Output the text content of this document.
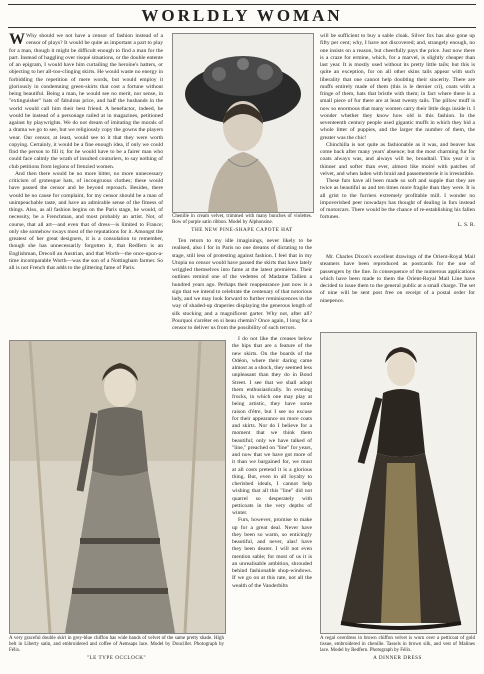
WORLDLY WOMAN

W Why should we not have a censor of fashion instead of a censor of plays? It would be quite as important a part to play for a man, though it might be difficult enough to find a man for the part. Instead of haggling over risqué situations, or the double entente of an epigram, I would have him curtailing the heroine's hatters, or objecting to her all-too-clinging skirts. He would waste no energy in forbidding the repetition of mere words, but would employ it gloriously in condemning green-skirts that cost a fortune without being beautiful. Being a man, he would see no merit, nor sense, in "extinguisher" hats of fabulous price, and half the husbands in the world would call him their best friend. A benefactor, indeed, he would be instead of a personage railed at in magazines, petitioned against by playwrights. We do not dream of imitating the morals of a drama we go to see, but we religiously copy the gowns the players wear. Our censor, at least, would see to it that they were worth copying. Certainly, it would be a fine enough idea, if only we could find the person to fill it; for he would have to be a fairer man who could face calmly the wrath of insulted couturiers, to say nothing of club petitions from legions of frenzied women.

And then there would be no more bitter, no more unnecessary criticism of grotesque hats, of incongruous clothes; these would have passed the censor and be beyond reproach. Besides, there would be no cause for complaint, for my censor should be a man of unimpeachable taste, and have an admirable sense of the fitness of things. Also, as all fashion begins on the Paris stage, he would, of necessity, be a Frenchman, and most probably an artist. Not, of course, that all art—and even that of dress—is limited to France; only she somehow sways most of the reputations for it. Amongst the greatest of her great designers, it is a consolation to remember, though she has unnecessarily forgotten it, that Redfern is an Englishman, Drecoll an Austrian, and that Worth—the once-upon-a-time incomparable Worth—was the son of a Nottingham farmer. So all is not French that adds to the glittering fame of Paris.

Chenille in cream velvet, trimmed with many bunches of violettes. Bow of purple satin ribbon. Model by Alphonsine.
THE NEW PINE-SHAPE CAPOTE HAT

Ten return to my idle imaginings, never likely to be realised, also I for in Paris no one dreams of dictating to the stage, still less of protesting against fashion. I feel that in my Utopia no censor would have passed the skirts that have lately wriggled themselves into fame at the latest premières. Their outlines remind one of the vedettes of Madame Tallien a hundred years ago. Perhaps their reappearance just now is a sign that we intend to celebrate the centenary of that notorious lady, and we may look forward to further reminiscences in the way of shaded-up draperies displaying the generous length of silk stocking and a magnificent garter. Why not, after all? Pourquoi s'arrêter en si beau chemin? Once again, I long for a censor to deliver us from the possibility of such terrors.

I do not like the creases below the hips that are a feature of the new skirts. On the boards of the Odéon, where their daring came almost as a shock, they seemed less unpleasant than they do in Bond Street. I see that we shall adopt them enthusiastically. In evening frocks, in which one may play at being artistic, they have some raison d'être, but I see no excuse for their appearance on more coats and skirts. Nor do I believe for a moment that we think them beautiful; only we have talked of "line," preached on "line" for years, and now that we have got more of it than we bargained for, we must at all costs pretend it is a glorious thing. But, even in all loyalty to cherished ideals, I cannot help wishing that all this "line" did not quarrel so desperately with petticoats in the very depths of winter.

Furs, however, promise to make up for a great deal. Never have they been so warm, so enticingly beautiful, and never, alas! have they been dearer. I will not even mention sable; for most of us it is an unrealisable ambition, shrouded behind fashionable shop-windows. If we go on at this rate, not all the wealth of the Vanderbilts

will be sufficient to buy a sable cloak. Silver fox has also gone up fifty per cent; why, I have not discovered; and, strangely enough, no one insists on a reason, but cheerfully pays the price. Just now there is a craze for ermine, which, for a marvel, is slightly cheaper than last year. It is mostly used without its pretty little tails; but this is quite an exception, for on all other skins tails appear with such liberality that one cannot help doubting their sincerity. There are muffs entirely made of them (this is le dernier cri), coats with a fringe of them, hats that bristle with them; in fact where there is a small piece of fur there are at least twenty tails. The pillow muff is now so enormous that many women carry their little dogs inside it. I wonder whether they know how old is this fashion. In the seventeenth century people used gigantic muffs in which they hid a whole litter of puppies, and the larger the number of them, the greater was the chic!

Chinchilla is not quite as fashionable as it was, and beaver has come back after many years' absence; but the most charming fur for coats always was, and always will be, broadtail. This year it is thinner and softer than ever, almost like moiré with patches of velvet, and when laden with braid and passementerie it is irresistible.

These furs have all been made so soft and supple that they are twice as beautiful as and ten times more fragile than they were. It is all grist to the furriers extremely profitable mill. I wonder no impoverished peer nowadays has thought of dealing in furs instead of motorcars. There would be the chance of re-establishing his fallen fortunes.

L. S. R.

Mr. Charles Dixon's excellent drawings of the Orient-Royal Mail steamers have been reproduced as postcards for the use of passengers by the line. In consequence of the numerous applications which have been made to them the Orient-Royal Mail Line have decided to issue them to the general public at a small charge. The set of nine will be sent post free on receipt of a postal order for ninepence.

A very graceful double skirt in grey-blue chiffon has wide bands of velvet of the same pretty shade. High belt in Liberty satin, and embroidered and coffee of Aemsaps lace. Model by Doucillet. Photograph by Félix.
"LE TYPE OCCLOCK"
A regal overdress in brown chiffon velvet is worn over a petticoat of gold tissue, embroidered in chenille. Tassels in brown silk, and vest of Malines lace. Model by Redfern. Photograph by Félix.
A DINNER DRESS
